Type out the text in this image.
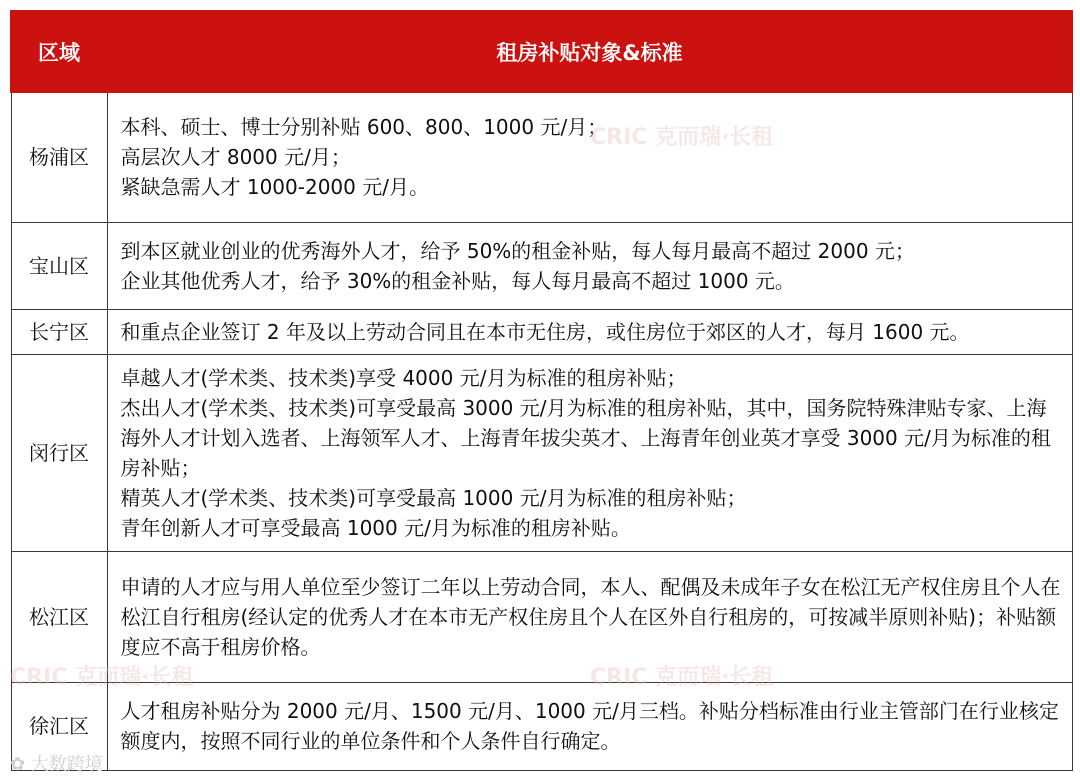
区域	租房补贴对象&标准
杨浦区	本科、硕士、博士分别补贴 600、800、1000 元/月；
高层次人才 8000 元/月；
紧缺急需人才 1000-2000 元/月。

宝山区	到本区就业创业的优秀海外人才，给予 50%的租金补贴，每人每月最高不超过 2000 元；
企业其他优秀人才，给予 30%的租金补贴，每人每月最高不超过 1000 元。

长宁区	和重点企业签订 2 年及以上劳动合同且在本市无住房，或住房位于郊区的人才，每月 1600 元。

闵行区	卓越人才(学术类、技术类)享受 4000 元/月为标准的租房补贴；
杰出人才(学术类、技术类)可享受最高 3000 元/月为标准的租房补贴，其中，国务院特殊津贴专家、上海海外人才计划入选者、上海领军人才、上海青年拔尖英才、上海青年创业英才享受 3000 元/月为标准的租房补贴；
精英人才(学术类、技术类)可享受最高 1000 元/月为标准的租房补贴；
青年创新人才可享受最高 1000 元/月为标准的租房补贴。

松江区	申请的人才应与用人单位至少签订二年以上劳动合同，本人、配偶及未成年子女在松江无产权住房且个人在松江自行租房(经认定的优秀人才在本市无产权住房且个人在区外自行租房的，可按减半原则补贴)；补贴额度应不高于租房价格。

徐汇区	人才租房补贴分为 2000 元/月、1500 元/月、1000 元/月三档。补贴分档标准由行业主管部门在行业核定额度内，按照不同行业的单位条件和个人条件自行确定。
CRIC 克而瑞·长租
CRIC 克而瑞·长租
CRIC 克而瑞·长租
✿ 大数跨境
